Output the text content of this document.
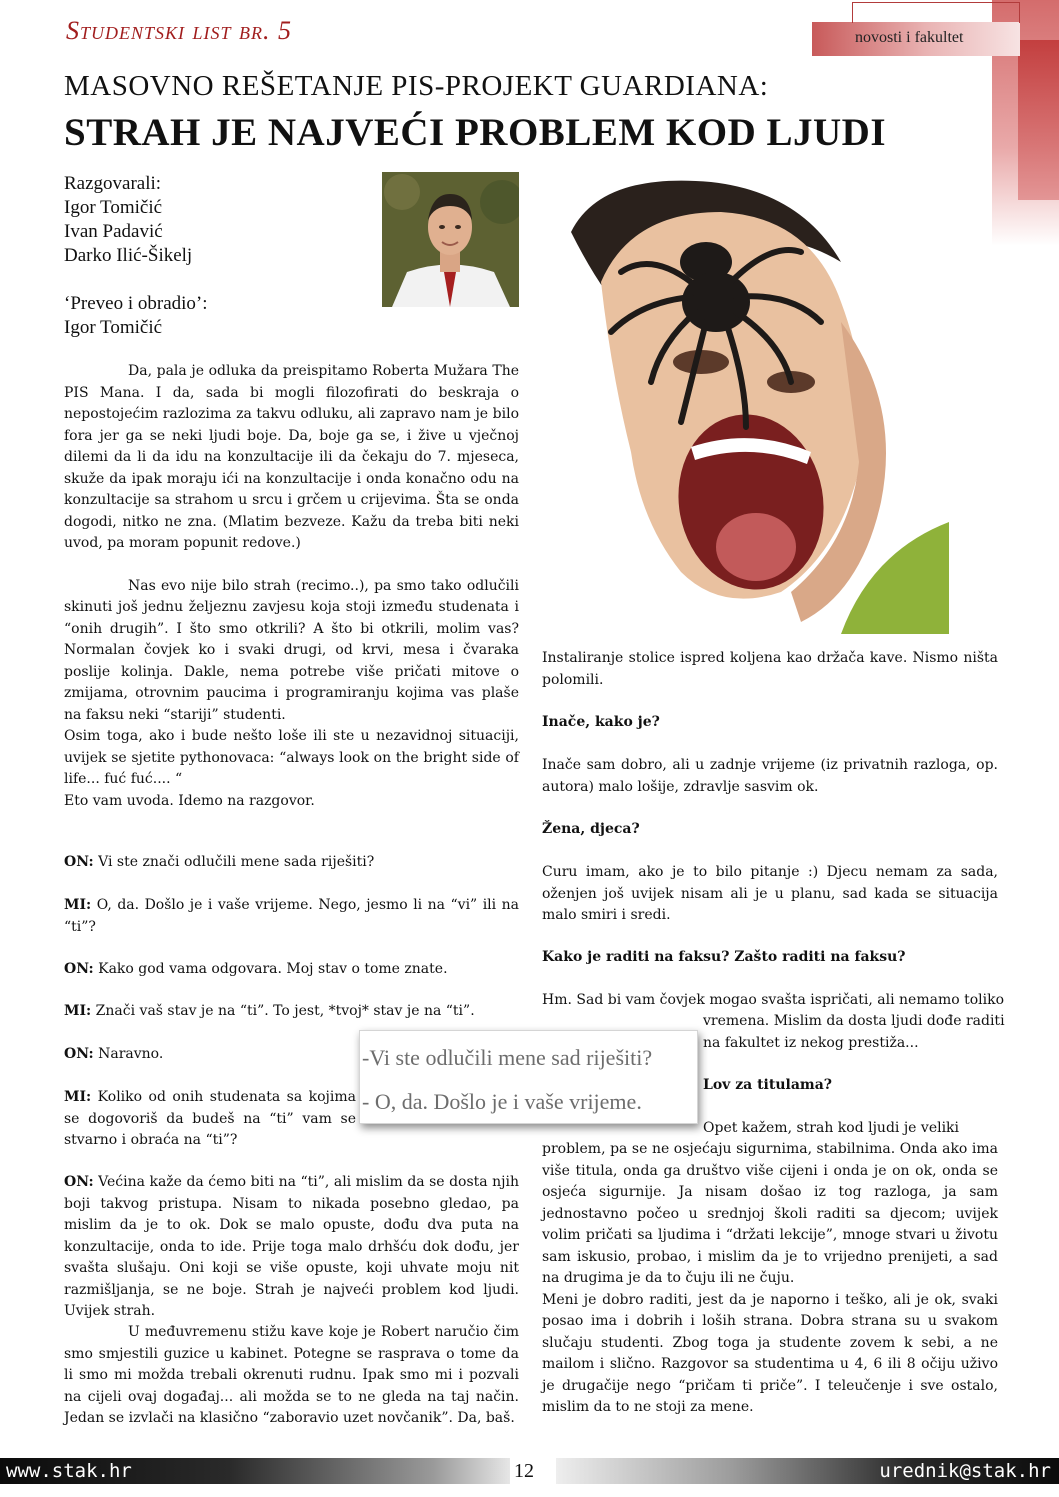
novosti i fakultet
Studentski list br. 5
MASOVNO REŠETANJE PIS-PROJEKT GUARDIANA:
STRAH JE NAJVEĆI PROBLEM KOD LJUDI
Razgovarali:
Igor Tomičić
Ivan Padavić
Darko Ilić-Šikelj
‘Preveo i obradio’:
Igor Tomičić

Da, pala je odluka da preispitamo Roberta Mužara The PIS Mana. I da, sada bi mogli filozofirati do beskraja o nepostojećim razlozima za takvu odluku, ali zapravo nam je bilo fora jer ga se neki ljudi boje. Da, boje ga se, i žive u vječnoj dilemi da li da idu na konzultacije ili da čekaju do 7. mjeseca, skuže da ipak moraju ići na konzultacije i onda konačno odu na konzultacije sa strahom u srcu i grčem u crijevima. Šta se onda dogodi, nitko ne zna. (Mlatim bezveze. Kažu da treba biti neki uvod, pa moram popunit redove.)

Nas evo nije bilo strah (recimo..), pa smo tako odlučili skinuti još jednu željeznu zavjesu koja stoji između studenata i “onih drugih”. I što smo otkrili? A što bi otkrili, molim vas? Normalan čovjek ko i svaki drugi, od krvi, mesa i čvaraka poslije kolinja. Dakle, nema potrebe više pričati mitove o zmijama, otrovnim paucima i programiranju kojima vas plaše na faksu neki “stariji” studenti.

Osim toga, ako i bude nešto loše ili ste u nezavidnoj situaciji, uvijek se sjetite pythonovaca: “always look on the bright side of life... fuć fuć.... “

Eto vam uvoda. Idemo na razgovor.

ON: Vi ste znači odlučili mene sada riješiti?

MI: O, da. Došlo je i vaše vrijeme. Nego, jesmo li na “vi” ili na “ti”?

ON: Kako god vama odgovara. Moj stav o tome znate.

MI: Znači vaš stav je na “ti”. To jest, *tvoj* stav je na “ti”.

ON: Naravno.

MI: Koliko od onih studenata sa kojima se dogovoriš da budeš na “ti” vam se stvarno i obraća na “ti”?

ON: Većina kaže da ćemo biti na “ti”, ali mislim da se dosta njih boji takvog pristupa. Nisam to nikada posebno gledao, pa mislim da je to ok. Dok se malo opuste, dođu dva puta na konzultacije, onda to ide. Prije toga malo drhšću dok dođu, jer svašta slušaju. Oni koji se više opuste, koji uhvate moju nit razmišljanja, se ne boje. Strah je najveći problem kod ljudi. Uvijek strah.

U međuvremenu stižu kave koje je Robert naručio čim smo smjestili guzice u kabinet. Potegne se rasprava o tome da li smo mi možda trebali okrenuti rudnu. Ipak smo mi i pozvali na cijeli ovaj događaj... ali možda se to ne gleda na taj način. Jedan se izvlači na klasično “zaboravio uzet novčanik”. Da, baš.

-Vi ste odlučili mene sad riješiti?
- O, da. Došlo je i vaše vrijeme.

Instaliranje stolice ispred koljena kao držača kave. Nismo ništa polomili.

Inače, kako je?

Inače sam dobro, ali u zadnje vrijeme (iz privatnih razloga, op. autora) malo lošije, zdravlje sasvim ok.

Žena, djeca?

Curu imam, ako je to bilo pitanje :) Djecu nemam za sada, oženjen još uvijek nisam ali je u planu, sad kada se situacija malo smiri i sredi.

Kako je raditi na faksu? Zašto raditi na faksu?

Hm. Sad bi vam čovjek mogao svašta ispričati, ali nemamo toliko

vremena. Mislim da dosta ljudi dođe raditi

na fakultet iz nekog prestiža...

Lov za titulama?

Opet kažem, strah kod ljudi je veliki

problem, pa se ne osjećaju sigurnima, stabilnima. Onda ako ima više titula, onda ga društvo više cijeni i onda je on ok, onda se osjeća sigurnije. Ja nisam došao iz tog razloga, ja sam jednostavno počeo u srednjoj školi raditi sa djecom; uvijek volim pričati sa ljudima i “držati lekcije”, mnoge stvari u životu sam iskusio, probao, i mislim da je to vrijedno prenijeti, a sad na drugima je da to čuju ili ne čuju.

Meni je dobro raditi, jest da je naporno i teško, ali je ok, svaki posao ima i dobrih i loših strana. Dobra strana su u svakom slučaju studenti. Zbog toga ja studente zovem k sebi, a ne mailom i slično. Razgovor sa studentima u 4, 6 ili 8 očiju uživo je drugačije nego “pričam ti priče”. I teleučenje i sve ostalo, mislim da to ne stoji za mene.

www.stak.hr	12	urednik@stak.hr
